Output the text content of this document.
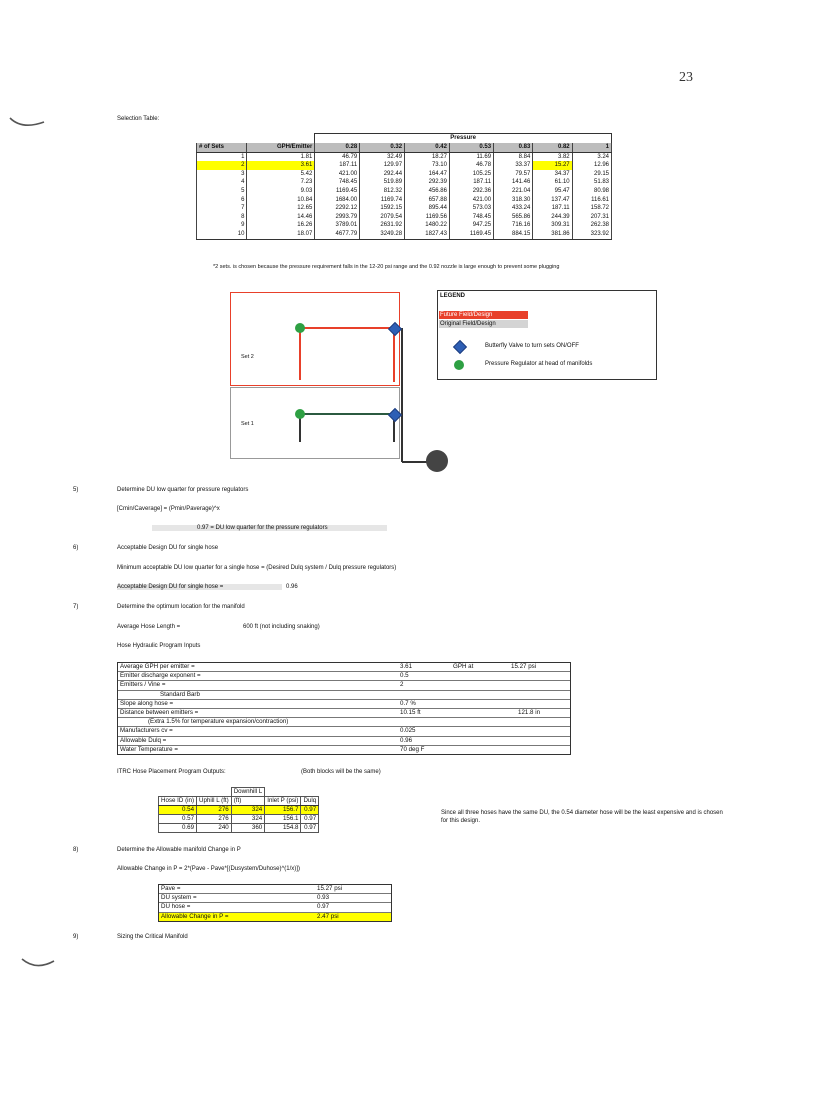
23
Selection Table:
		Pressure						
# of Sets	GPH/Emitter	0.28	0.32	0.42	0.53	0.83	0.82	1
1	1.81	46.79	32.49	18.27	11.69	8.84	3.82	3.24
2	3.61	187.11	129.97	73.10	46.78	33.37	15.27	12.96
3	5.42	421.00	292.44	164.47	105.25	79.57	34.37	29.15
4	7.23	748.45	519.89	292.39	187.11	141.46	61.10	51.83
5	9.03	1169.45	812.32	456.86	292.36	221.04	95.47	80.98
6	10.84	1684.00	1169.74	657.88	421.00	318.30	137.47	116.61
7	12.65	2292.12	1592.15	895.44	573.03	433.24	187.11	158.72
8	14.46	2993.79	2079.54	1169.56	748.45	565.86	244.39	207.31
9	16.26	3789.01	2631.92	1480.22	947.25	716.16	309.31	262.38
10	18.07	4677.79	3249.28	1827.43	1169.45	884.15	381.86	323.92
*2 sets. is chosen because the pressure requirement falls in the 12-20 psi range and the 0.92 nozzle is large enough to prevent some plugging
Set 2
Set 1
LEGEND
Future Field/Design
Original Field/Design
Butterfly Valve to turn sets ON/OFF
Pressure Regulator at head of manifolds
5)	Determine DU low quarter for pressure regulators
[Cmin/Caverage] = (Pmin/Paverage)^x
0.97 = DU low quarter for the pressure regulators
6)	Acceptable Design DU for single hose
Minimum acceptable DU low quarter for a single hose = (Desired Dulq system / Dulq pressure regulators)
Acceptable Design DU for single hose =	0.96
7)	Determine the optimum location for the manifold
Average Hose Length =	600 ft (not including snaking)
Hose Hydraulic Program Inputs
Average GPH per emitter =	3.61	GPH at	15.27 psi
Emitter discharge exponent =	0.5
Emitters / Vine =	2
Standard Barb
Slope along hose =	0.7 %
Distance between emitters =	10.15 ft	121.8 in
(Extra 1.5% for temperature expansion/contraction)
Manufacturers cv =	0.025
Allowable Dulq =	0.96
Water Temperature =	70 deg F
ITRC Hose Placement Program Outputs:	(Both blocks will be the same)
		Downhill L		
Hose ID (in)	Uphill L (ft)	(ft)	Inlet P (psi)	Dulq
0.54	276	324	156.7	0.97
0.57	276	324	156.1	0.97
0.69	240	360	154.8	0.97
Since all three hoses have the same DU, the 0.54 diameter hose will be the least expensive and is chosen for this design.
8)	Determine the Allowable manifold Change in P
Allowable Change in P = 2*(Pave - Pave*[(Dusystem/Duhose)^(1/x)])
Pave =	15.27 psi
DU system =	0.93
DU hose =	0.97
Allowable Change in P =	2.47 psi
9)	Sizing the Critical Manifold
